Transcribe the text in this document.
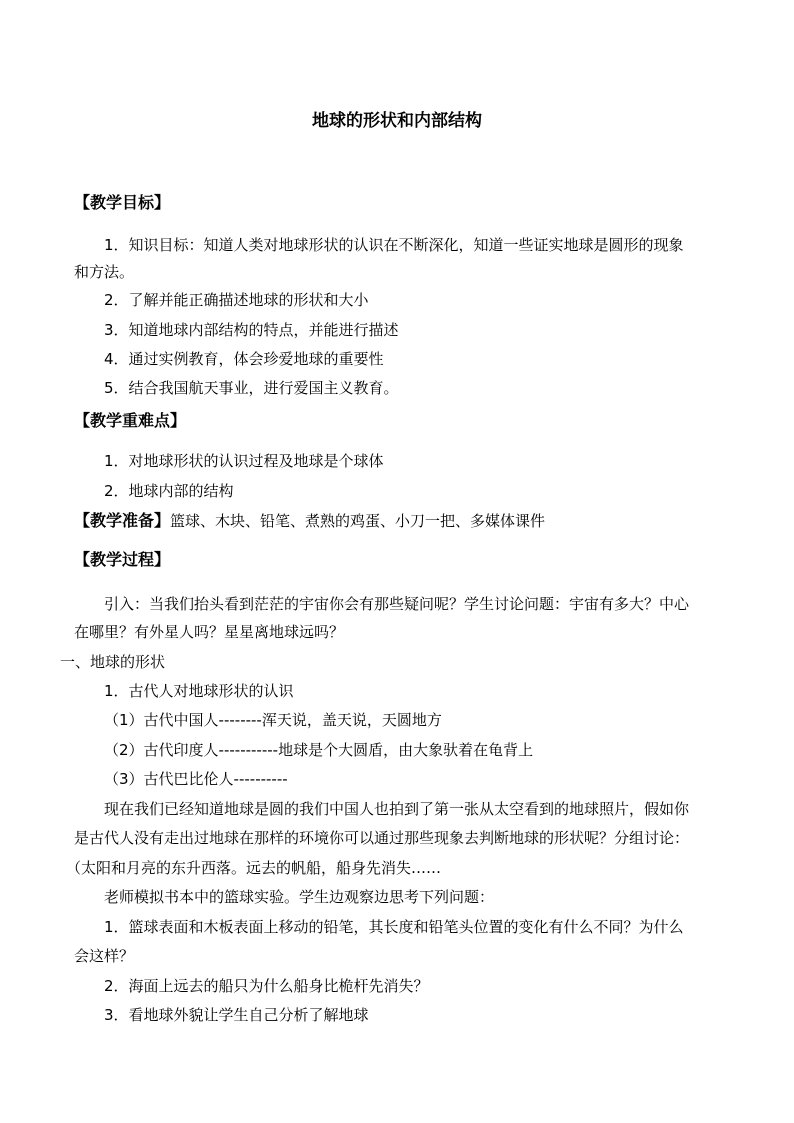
地球的形状和内部结构
【教学目标】
1．知识目标：知道人类对地球形状的认识在不断深化，知道一些证实地球是圆形的现象
和方法。
2．了解并能正确描述地球的形状和大小
3．知道地球内部结构的特点，并能进行描述
4．通过实例教育，体会珍爱地球的重要性
5．结合我国航天事业，进行爱国主义教育。
【教学重难点】
1．对地球形状的认识过程及地球是个球体
2．地球内部的结构
【教学准备】篮球、木块、铅笔、煮熟的鸡蛋、小刀一把、多媒体课件
【教学过程】
引入：当我们抬头看到茫茫的宇宙你会有那些疑问呢？学生讨论问题：宇宙有多大？中心
在哪里？有外星人吗？星星离地球远吗？
一、地球的形状
1．古代人对地球形状的认识
（1）古代中国人--------浑天说，盖天说，天圆地方
（2）古代印度人-----------地球是个大圆盾，由大象驮着在龟背上
（3）古代巴比伦人----------
现在我们已经知道地球是圆的我们中国人也拍到了第一张从太空看到的地球照片，假如你
是古代人没有走出过地球在那样的环境你可以通过那些现象去判断地球的形状呢？分组讨论：
（太阳和月亮的东升西落。远去的帆船，船身先消失……
老师模拟书本中的篮球实验。学生边观察边思考下列问题：
1．篮球表面和木板表面上移动的铅笔，其长度和铅笔头位置的变化有什么不同？为什么
会这样？
2．海面上远去的船只为什么船身比桅杆先消失？
3．看地球外貌让学生自己分析了解地球
